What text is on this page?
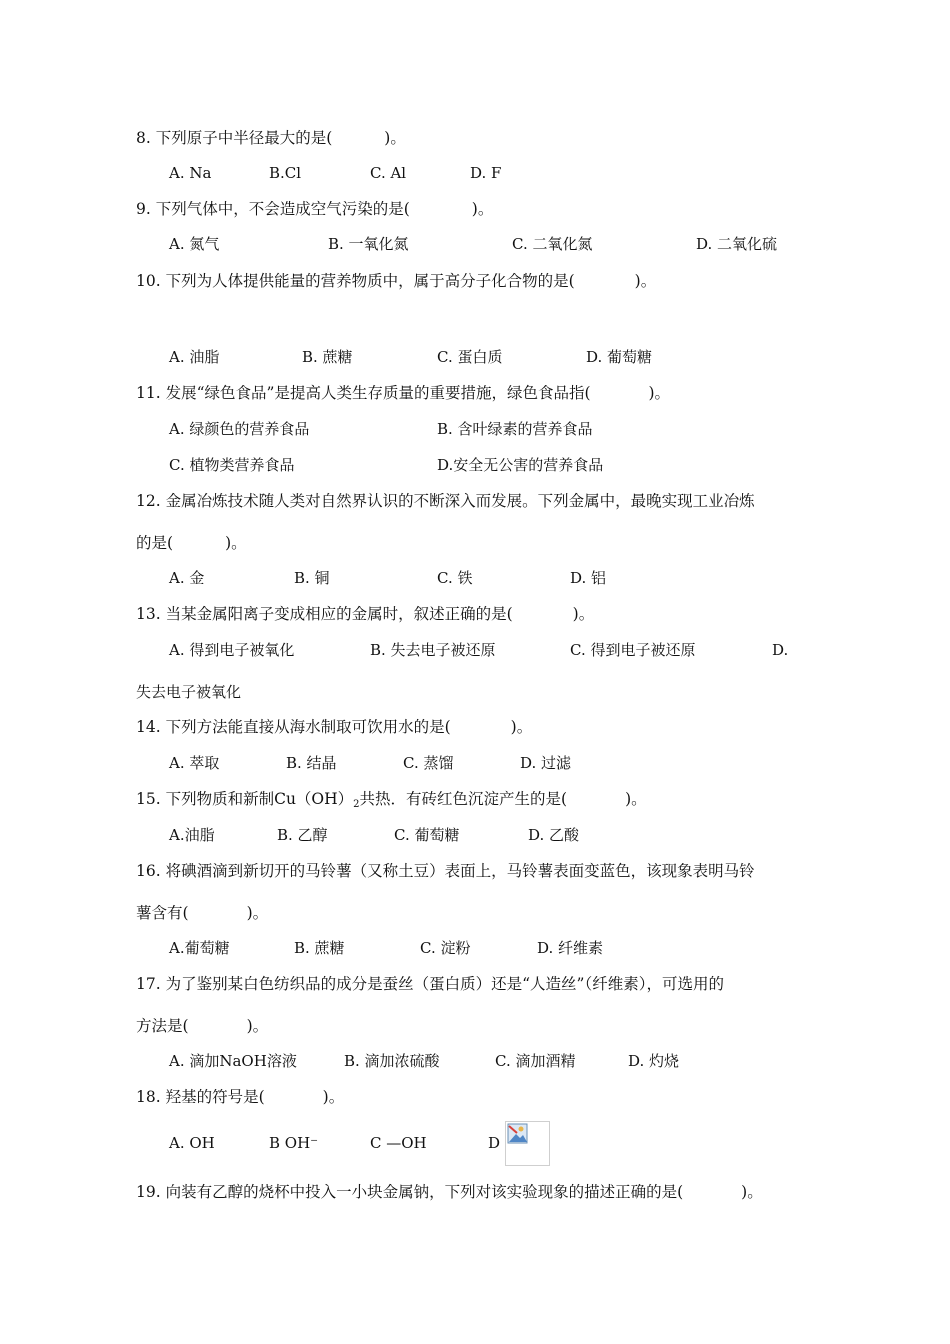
8. 下列原子中半径最大的是(	)。
A. Na	B.Cl	C. Al	D. F
9. 下列气体中，不会造成空气污染的是(	)。
A. 氮气	B. 一氧化氮	C. 二氧化氮	D. 二氧化硫
10. 下列为人体提供能量的营养物质中，属于高分子化合物的是(	)。
A. 油脂	B. 蔗糖	C. 蛋白质	D. 葡萄糖
11. 发展“绿色食品”是提高人类生存质量的重要措施，绿色食品指(	)。
A. 绿颜色的营养食品	B. 含叶绿素的营养食品
C. 植物类营养食品	D.安全无公害的营养食品
12. 金属冶炼技术随人类对自然界认识的不断深入而发展。下列金属中，最晚实现工业冶炼
的是(	)。
A. 金	B. 铜	C. 铁	D. 铝
13. 当某金属阳离子变成相应的金属时，叙述正确的是(	)。
A. 得到电子被氧化	B. 失去电子被还原	C. 得到电子被还原	D.
失去电子被氧化
14. 下列方法能直接从海水制取可饮用水的是(	)。
A. 萃取	B. 结晶	C. 蒸馏	D. 过滤
15. 下列物质和新制$Cu(OH)_2$共热．有砖红色沉淀产生的是(	)。
A.油脂	B. 乙醇	C. 葡萄糖	D. 乙酸
16. 将碘酒滴到新切开的马铃薯（又称土豆）表面上，马铃薯表面变蓝色，该现象表明马铃
薯含有(	)。
A.葡萄糖	B. 蔗糖	C. 淀粉	D. 纤维素
17. 为了鉴别某白色纺织品的成分是蚕丝（蛋白质）还是“人造丝”（纤维素），可选用的
方法是(	)。
A. 滴加NaOH溶液	B. 滴加浓硫酸	C. 滴加酒精	D. 灼烧
18. 羟基的符号是(	)。
A. OH	B OH⁻	C —OH	D
19. 向装有乙醇的烧杯中投入一小块金属钠，下列对该实验现象的描述正确的是(	)。
